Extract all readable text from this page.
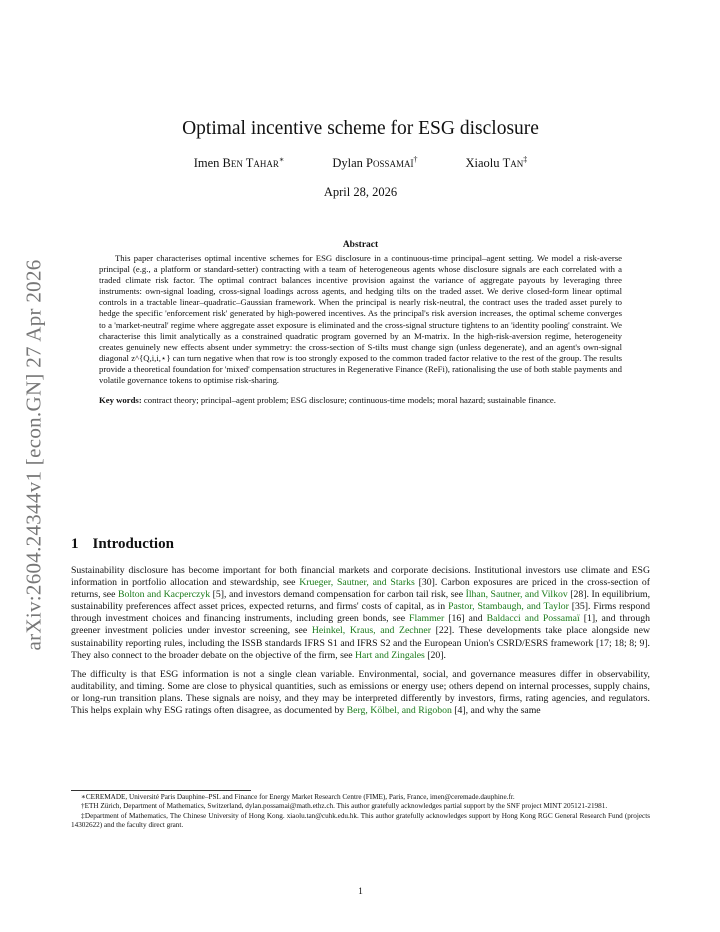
arXiv:2604.24344v1 [econ.GN] 27 Apr 2026
Optimal incentive scheme for ESG disclosure
Imen Ben Tahar∗	Dylan Possamaï†	Xiaolu Tan‡
April 28, 2026
Abstract

This paper characterises optimal incentive schemes for ESG disclosure in a continuous-time principal–agent setting. We model a risk-averse principal (e.g., a platform or standard-setter) contracting with a team of heterogeneous agents whose disclosure signals are each correlated with a traded climate risk factor. The optimal contract balances incentive provision against the variance of aggregate payouts by leveraging three instruments: own-signal loading, cross-signal loadings across agents, and hedging tilts on the traded asset. We derive closed-form linear optimal controls in a tractable linear–quadratic–Gaussian framework. When the principal is nearly risk-neutral, the contract uses the traded asset purely to hedge the specific 'enforcement risk' generated by high-powered incentives. As the principal's risk aversion increases, the optimal scheme converges to a 'market-neutral' regime where aggregate asset exposure is eliminated and the cross-signal structure tightens to an 'identity pooling' constraint. We characterise this limit analytically as a constrained quadratic program governed by an M-matrix. In the high-risk-aversion regime, heterogeneity creates genuinely new effects absent under symmetry: the cross-section of S-tilts must change sign (unless degenerate), and an agent's own-signal diagonal z^{Q,i,i,⋆} can turn negative when that row is too strongly exposed to the common traded factor relative to the rest of the group. The results provide a theoretical foundation for 'mixed' compensation structures in Regenerative Finance (ReFi), rationalising the use of both stable payments and volatile governance tokens to optimise risk-sharing.

Key words: contract theory; principal–agent problem; ESG disclosure; continuous-time models; moral hazard; sustainable finance.
1 Introduction

Sustainability disclosure has become important for both financial markets and corporate decisions. Institutional investors use climate and ESG information in portfolio allocation and stewardship, see Krueger, Sautner, and Starks [30]. Carbon exposures are priced in the cross-section of returns, see Bolton and Kacperczyk [5], and investors demand compensation for carbon tail risk, see İlhan, Sautner, and Vilkov [28]. In equilibrium, sustainability preferences affect asset prices, expected returns, and firms' costs of capital, as in Pastor, Stambaugh, and Taylor [35]. Firms respond through investment choices and financing instruments, including green bonds, see Flammer [16] and Baldacci and Possamaï [1], and through greener investment policies under investor screening, see Heinkel, Kraus, and Zechner [22]. These developments take place alongside new sustainability reporting rules, including the ISSB standards IFRS S1 and IFRS S2 and the European Union's CSRD/ESRS framework [17; 18; 8; 9]. They also connect to the broader debate on the objective of the firm, see Hart and Zingales [20].

The difficulty is that ESG information is not a single clean variable. Environmental, social, and governance measures differ in observability, auditability, and timing. Some are close to physical quantities, such as emissions or energy use; others depend on internal processes, supply chains, or long-run transition plans. These signals are noisy, and they may be interpreted differently by investors, firms, rating agencies, and regulators. This helps explain why ESG ratings often disagree, as documented by Berg, Kölbel, and Rigobon [4], and why the same

∗CEREMADE, Université Paris Dauphine–PSL and Finance for Energy Market Research Centre (FIME), Paris, France, imen@ceremade.dauphine.fr.

†ETH Zürich, Department of Mathematics, Switzerland, dylan.possamai@math.ethz.ch. This author gratefully acknowledges partial support by the SNF project MINT 205121-21981.

‡Department of Mathematics, The Chinese University of Hong Kong. xiaolu.tan@cuhk.edu.hk. This author gratefully acknowledges support by Hong Kong RGC General Research Fund (projects 14302622) and the faculty direct grant.

1
